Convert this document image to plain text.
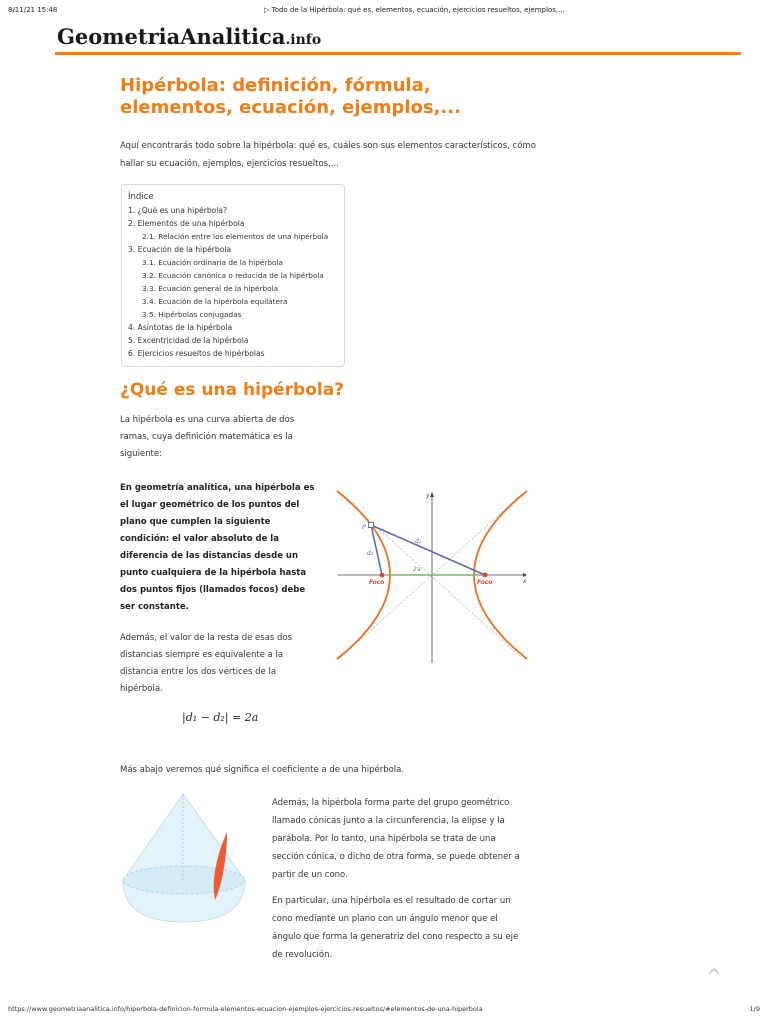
8/11/21 15:48	▷ Todo de la Hipérbola: qué es, elementos, ecuación, ejercicios resueltos, ejemplos,...
GeometriaAnalitica.info
Hipérbola: definición, fórmula, elementos, ecuación, ejemplos,...
Aquí encontrarás todo sobre la hipérbola: qué es, cuáles son sus elementos característicos, cómo hallar su ecuación, ejemplos, ejercicios resueltos,...
Índice
1. ¿Qué es una hipérbola?
2. Elementos de una hipérbola
2.1. Relación entre los elementos de una hipérbola
3. Ecuación de la hipérbola
3.1. Ecuación ordinaria de la hipérbola
3.2. Ecuación canónica o reducida de la hipérbola
3.3. Ecuación general de la hipérbola
3.4. Ecuación de la hipérbola equilátera
3.5. Hipérbolas conjugadas
4. Asíntotas de la hipérbola
5. Excentricidad de la hipérbola
6. Ejercicios resueltos de hipérbolas
¿Qué es una hipérbola?
La hipérbola es una curva abierta de dos ramas, cuya definición matemática es la siguiente:
En geometría analítica, una hipérbola es el lugar geométrico de los puntos del plano que cumplen la siguiente condición: el valor absoluto de la diferencia de las distancias desde un punto cualquiera de la hipérbola hasta dos puntos fijos (llamados focos) debe ser constante.
Además, el valor de la resta de esas dos distancias siempre es equivalente a la distancia entre los dos vértices de la hipérbola.
|d₁ − d₂| = 2a
Más abajo veremos qué significa el coeficiente a de una hipérbola.
Además, la hipérbola forma parte del grupo geométrico llamado cónicas junto a la circunferencia, la elipse y la parábola. Por lo tanto, una hipérbola se trata de una sección cónica, o dicho de otra forma, se puede obtener a partir de un cono.
En particular, una hipérbola es el resultado de cortar un cono mediante un plano con un ángulo menor que el ángulo que forma la generatriz del cono respecto a su eje de revolución.
x
y
P
d₁
d₂
2a
Foco	Foco
https://www.geometriaanalitica.info/hiperbola-definicion-formula-elementos-ecuacion-ejemplos-ejercicios-resueltos/#elementos-de-una-hiperbola	1/9
